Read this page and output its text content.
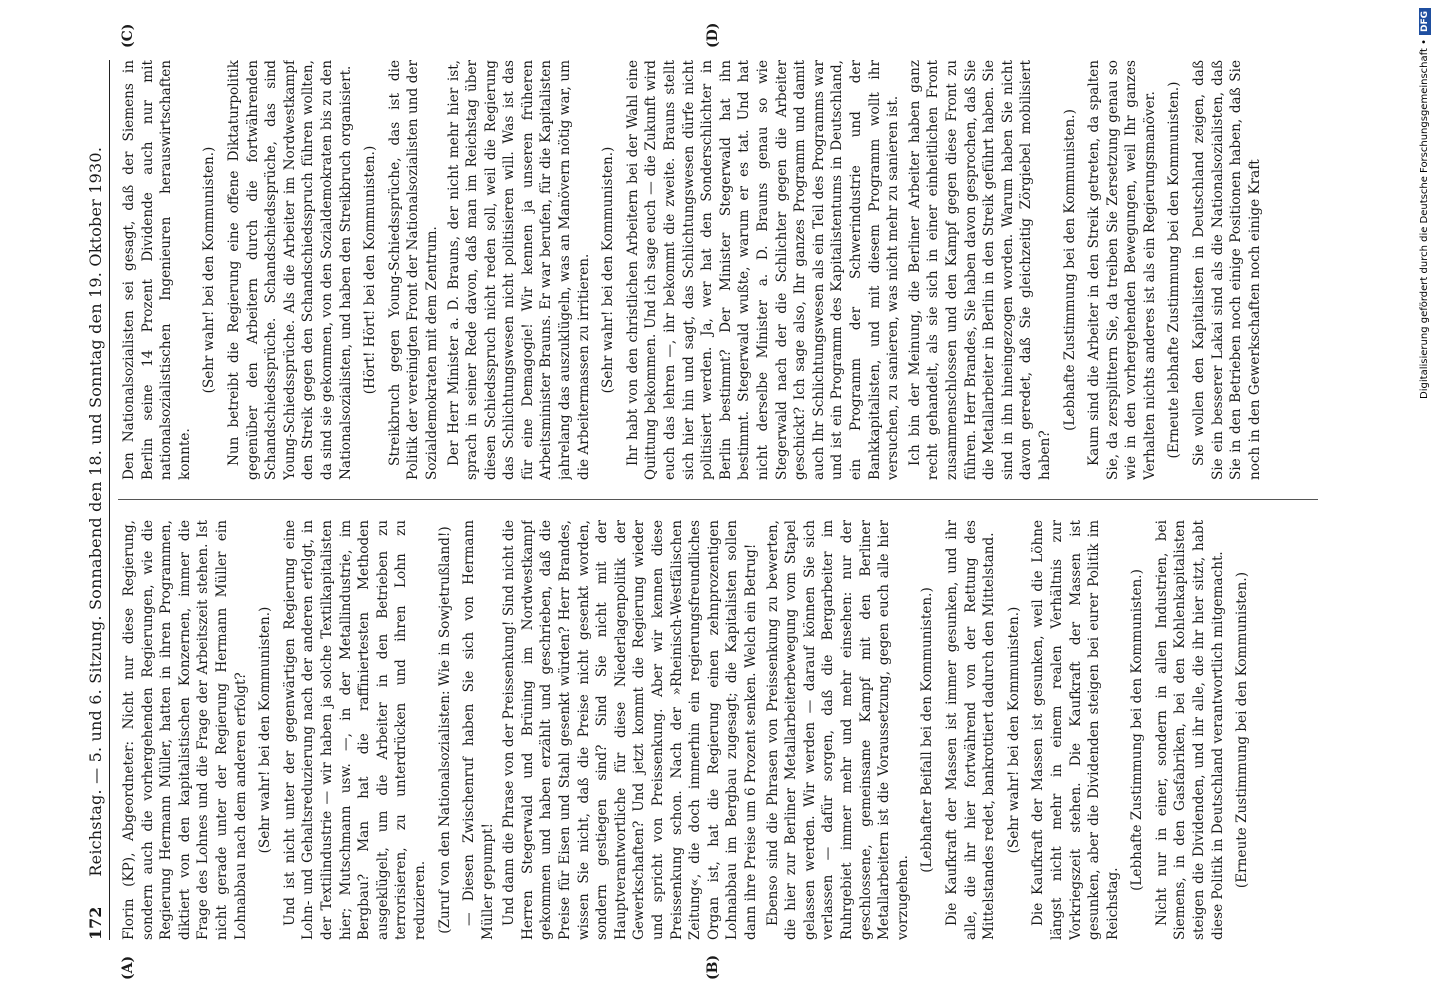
172
Reichstag. — 5. und 6. Sitzung. Sonnabend den 18. und Sonntag den 19. Oktober 1930. Florin (KP), Abgeordneter: Nicht nur diese Regierung, sondern auch die vorhergehenden Regierungen, wie die Regierung Hermann Müller, hatten in ihren Programmen, diktiert von den kapitalistischen Konzernen, immer die Frage des Lohnes und die Frage der Arbeitszeit stehen. Ist nicht gerade unter der Regierung Hermann Müller ein Lohnabbau nach dem anderen erfolgt? (Sehr wahr! bei den Kommunisten.) Und ist nicht unter der gegenwärtigen Regierung eine Lohn- und Gehaltsreduzierung nach der anderen erfolgt, in der Textilindustrie — wir haben ja solche Textilkapitalisten hier; Mutschmann usw. —, in der Metallindustrie, im Bergbau? Man hat die raffiniertesten Methoden ausgeklügelt, um die Arbeiter in den Betrieben zu terrorisieren, zu unterdrücken und ihren Lohn zu reduzieren. (Zuruf von den Nationalsozialisten: Wie in Sowjetrußland!) — Diesen Zwischenruf haben Sie sich von Hermann Müller gepumpt! Und dann die Phrase von der Preissenkung! Sind nicht die Herren Stegerwald und Brüning im Nordwestkampf gekommen und haben erzählt und geschrieben, daß die Preise für Eisen und Stahl gesenkt würden? Herr Brandes, wissen Sie nicht, daß die Preise nicht gesenkt worden, sondern gestiegen sind? Sind Sie nicht mit der Hauptverantwortliche für diese Niederlagenpolitik der Gewerkschaften? Und jetzt kommt die Regierung wieder und spricht von Preissenkung. Aber wir kennen diese Preissenkung schon. Nach der »Rheinisch-Westfälischen Zeitung«, die doch immerhin ein regierungsfreundliches Organ ist, hat die Regierung einen zehnprozentigen Lohnabbau im Bergbau zugesagt; die Kapitalisten sollen dann ihre Preise um 6 Prozent senken. Welch ein Betrug! Ebenso sind die Phrasen von Preissenkung zu bewerten, die hier zur Berliner Metallarbeiterbewegung vom Stapel gelassen werden. Wir werden — darauf können Sie sich verlassen — dafür sorgen, daß die Bergarbeiter im Ruhrgebiet immer mehr und mehr einsehen: nur der geschlossene, gemeinsame Kampf mit den Berliner Metallarbeitern ist die Voraussetzung, gegen euch alle hier vorzugehen.

(Lebhafter Beifall bei den Kommunisten.) Die Kaufkraft der Massen ist immer gesunken, und ihr alle, die ihr hier fortwährend von der Rettung des Mittelstandes redet, bankrottiert dadurch den Mittelstand. (Sehr wahr! bei den Kommunisten.) Die Kaufkraft der Massen ist gesunken, weil die Löhne längst nicht mehr in einem realen Verhältnis zur Vorkriegszeit stehen. Die Kaufkraft der Massen ist gesunken, aber die Dividenden steigen bei eurer Politik im Reichstag.

(Lebhafte Zustimmung bei den Kommunisten.) Nicht nur in einer, sondern in allen Industrien, bei Siemens, in den Gasfabriken, bei den Kohlenkapitalisten steigen die Dividenden, und ihr alle, die ihr hier sitzt, habt diese Politik in Deutschland verantwortlich mitgemacht. (Erneute Zustimmung bei den Kommunisten.)

Den Nationalsozialisten sei gesagt, daß der Siemens in Berlin seine 14 Prozent Dividende auch nur mit nationalsozialistischen Ingenieuren herauswirtschaften konnte.

(Sehr wahr! bei den Kommunisten.) Nun betreibt die Regierung eine offene Diktaturpolitik gegenüber den Arbeitern durch die fortwährenden Schandschiedssprüche. Schandschiedssprüche, das sind Young-Schiedssprüche. Als die Arbeiter im Nordwestkampf den Streik gegen den Schandschiedsspruch führen wollten, da sind sie gekommen, von den Sozialdemokraten bis zu den Nationalsozialisten, und haben den Streikbruch organisiert. (Hört! Hört! bei den Kommunisten.) Streikbruch gegen Young-Schiedssprüche, das ist die Politik der vereinigten Front der Nationalsozialisten und der Sozialdemokraten mit dem Zentrum. Der Herr Minister a. D. Brauns, der nicht mehr hier ist, sprach in seiner Rede davon, daß man im Reichstag über diesen Schiedsspruch nicht reden soll, weil die Regierung das Schlichtungswesen nicht politisieren will. Was ist das für eine Demagogie! Wir kennen ja unseren früheren Arbeitsminister Brauns. Er war berufen, für die Kapitalisten jahrelang das auszuklügeln, was an Manövern nötig war, um die Arbeitermassen zu irritieren. (Sehr wahr! bei den Kommunisten.) Ihr habt von den christlichen Arbeitern bei der Wahl eine Quittung bekommen. Und ich sage euch — die Zukunft wird euch das lehren —, ihr bekommt die zweite. Brauns stellt sich hier hin und sagt, das Schlichtungswesen dürfe nicht politisiert werden. Ja, wer hat den Sonderschlichter in Berlin bestimmt? Der Minister Stegerwald hat ihn bestimmt. Stegerwald wußte, warum er es tat. Und hat nicht derselbe Minister a. D. Brauns genau so wie Stegerwald nach der die Schlichter gegen die Arbeiter geschickt? Ich sage also, Ihr ganzes Programm und damit auch Ihr Schlichtungswesen als ein Teil des Programms war und ist ein Programm des Kapitalistentums in Deutschland, ein Programm der Schwerindustrie und der Bankkapitalisten, und mit diesem Programm wollt ihr versuchen, zu sanieren, was nicht mehr zu sanieren ist. Ich bin der Meinung, die Berliner Arbeiter haben ganz recht gehandelt, als sie sich in einer einheitlichen Front zusammenschlossen und den Kampf gegen diese Front zu führen. Herr Brandes, Sie haben davon gesprochen, daß Sie die Metallarbeiter in Berlin in den Streik geführt haben. Sie sind in ihn hineingezogen worden. Warum haben Sie nicht davon geredet, daß Sie gleichzeitig Zörgiebel mobilisiert haben?

(Lebhafte Zustimmung bei den Kommunisten.) Kaum sind die Arbeiter in den Streik getreten, da spalten Sie, da zersplittern Sie, da treiben Sie Zersetzung genau so wie in den vorhergehenden Bewegungen, weil Ihr ganzes Verhalten nichts anderes ist als ein Regierungsmanöver. (Erneute lebhafte Zustimmung bei den Kommunisten.) Sie wollen den Kapitalisten in Deutschland zeigen, daß Sie ein besserer Lakai sind als die Nationalsozialisten, daß Sie in den Betrieben noch einige Positionen haben, daß Sie noch in den Gewerkschaften noch einige Kraft

(A)	(B)
(C)	(D)
Digitalisierung gefördert durch die Deutsche Forschungsgemeinschaft •
DFG
